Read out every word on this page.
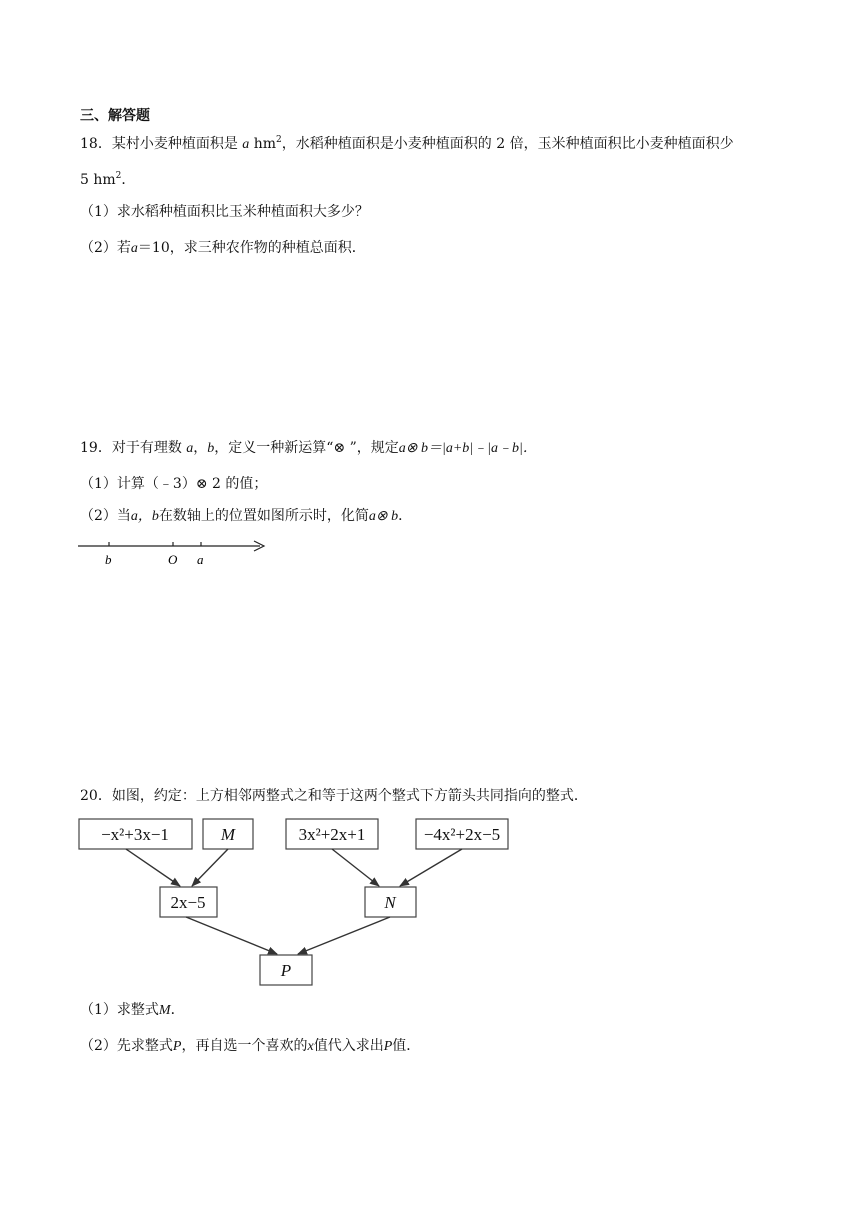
三、解答题
18．某村小麦种植面积是 a $hm^2$，水稻种植面积是小麦种植面积的 2 倍，玉米种植面积比小麦种植面积少
5 $hm^2$．
（1）求水稻种植面积比玉米种植面积大多少？
（2）若a＝10，求三种农作物的种植总面积．
19．对于有理数 a，b，定义一种新运算“⊗ ”，规定a⊗ b＝|a+b|﹣|a﹣b|．
（1）计算（﹣3）⊗ 2 的值；
（2）当a，b在数轴上的位置如图所示时，化简a⊗ b．
b	O a
20．如图，约定：上方相邻两整式之和等于这两个整式下方箭头共同指向的整式．
−x²+3x−1	M	3x²+2x+1	−4x²+2x−5
2x−5	N
P
（1）求整式M．
（2）先求整式P，再自选一个喜欢的x值代入求出P值．
